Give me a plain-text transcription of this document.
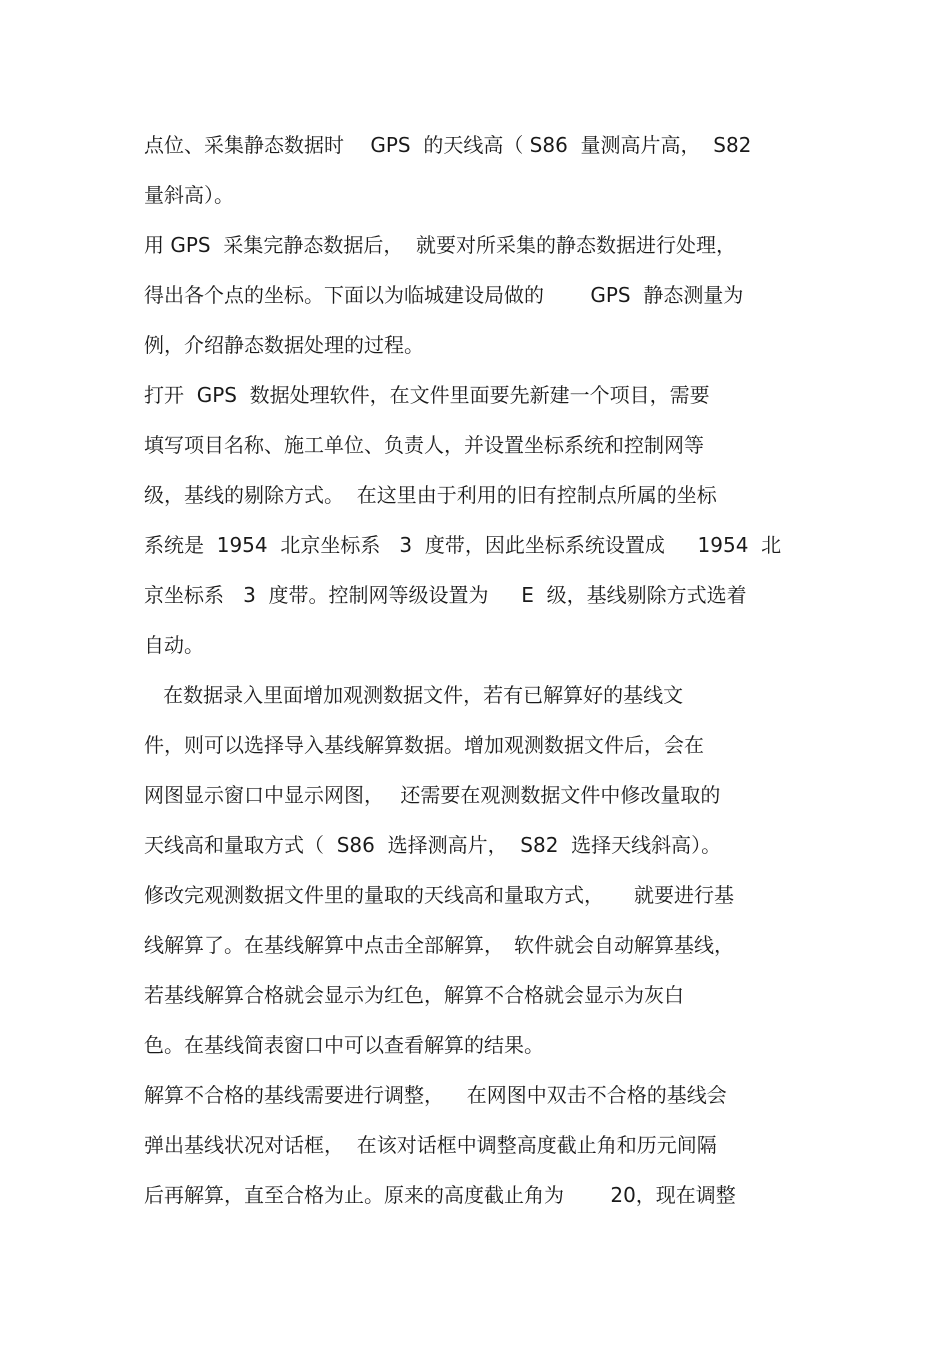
点位、采集静态数据时　 GPS  的天线高（ S86  量测高片高，  S82
量斜高）。
用 GPS  采集完静态数据后，  就要对所采集的静态数据进行处理，
得出各个点的坐标。下面以为临城建设局做的　　 GPS  静态测量为
例，介绍静态数据处理的过程。
打开  GPS  数据处理软件，在文件里面要先新建一个项目，需要
填写项目名称、施工单位、负责人，并设置坐标系统和控制网等
级，基线的剔除方式。  在这里由于利用的旧有控制点所属的坐标
系统是  1954  北京坐标系   3  度带，因此坐标系统设置成　  1954  北
京坐标系   3  度带。控制网等级设置为　  E  级，基线剔除方式选着
自动。
在数据录入里面增加观测数据文件，若有已解算好的基线文
件，则可以选择导入基线解算数据。增加观测数据文件后，会在
网图显示窗口中显示网图，　 还需要在观测数据文件中修改量取的
天线高和量取方式（  S86  选择测高片，  S82  选择天线斜高）。
修改完观测数据文件里的量取的天线高和量取方式，　　就要进行基
线解算了。在基线解算中点击全部解算，　软件就会自动解算基线，
若基线解算合格就会显示为红色，解算不合格就会显示为灰白
色。在基线简表窗口中可以查看解算的结果。
解算不合格的基线需要进行调整，　  在网图中双击不合格的基线会
弹出基线状况对话框，  在该对话框中调整高度截止角和历元间隔
后再解算，直至合格为止。原来的高度截止角为　　 20，现在调整
